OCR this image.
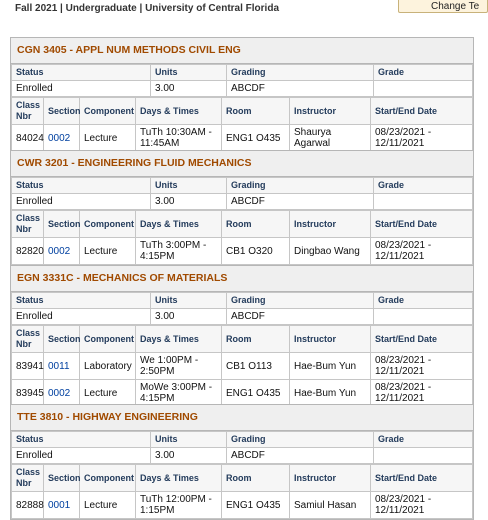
Fall 2021 | Undergraduate | University of Central Florida	Change Te
CGN 3405 - APPL NUM METHODS CIVIL ENG
Status	Units	Grading	Grade
Enrolled	3.00	ABCDF	
Class Nbr	Section	Component	Days & Times	Room	Instructor	Start/End Date
84024	0002	Lecture	TuTh 10:30AM - 11:45AM	ENG1 O435	Shaurya Agarwal	08/23/2021 - 12/11/2021
CWR 3201 - ENGINEERING FLUID MECHANICS
Status	Units	Grading	Grade
Enrolled	3.00	ABCDF	
Class Nbr	Section	Component	Days & Times	Room	Instructor	Start/End Date
82820	0002	Lecture	TuTh 3:00PM - 4:15PM	CB1 O320	Dingbao Wang	08/23/2021 - 12/11/2021
EGN 3331C - MECHANICS OF MATERIALS
Status	Units	Grading	Grade
Enrolled	3.00	ABCDF	
Class Nbr	Section	Component	Days & Times	Room	Instructor	Start/End Date
83941	0011	Laboratory	We 1:00PM - 2:50PM	CB1 O113	Hae-Bum Yun	08/23/2021 - 12/11/2021
83945	0002	Lecture	MoWe 3:00PM - 4:15PM	ENG1 O435	Hae-Bum Yun	08/23/2021 - 12/11/2021
TTE 3810 - HIGHWAY ENGINEERING
Status	Units	Grading	Grade
Enrolled	3.00	ABCDF	
Class Nbr	Section	Component	Days & Times	Room	Instructor	Start/End Date
82888	0001	Lecture	TuTh 12:00PM - 1:15PM	ENG1 O435	Samiul Hasan	08/23/2021 - 12/11/2021
